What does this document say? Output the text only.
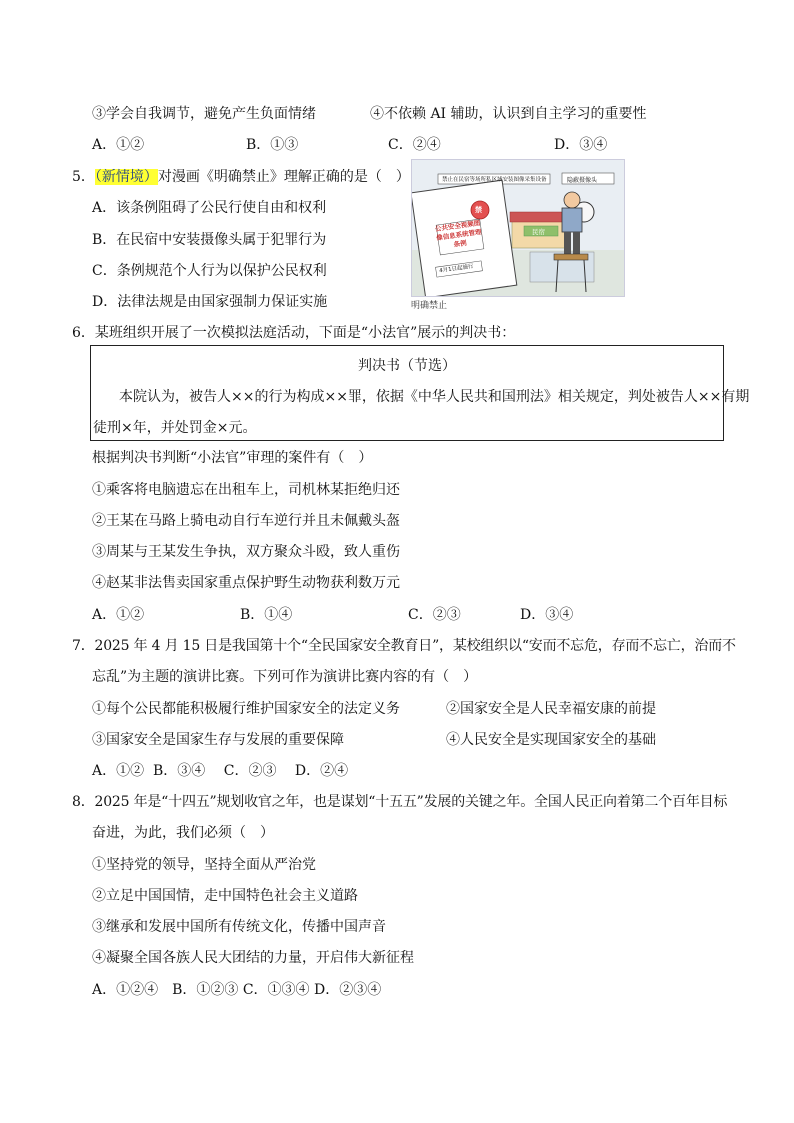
③学会自我调节，避免产生负面情绪	④不依赖 AI 辅助，认识到自主学习的重要性
A．①②	B．①③	C．②④	D．③④
5．（新情境）对漫画《明确禁止》理解正确的是（　）
A．该条例阻碍了公民行使自由和权利
B．在民宿中安装摄像头属于犯罪行为
C．条例规范个人行为以保护公民权利
D．法律法规是由国家强制力保证实施
禁止在民宿等场所私区域安装图像采集设备	隐蔽摄像头
禁
公共安全视频图像信息系统管理条例
4月1日起施行
民宿
明确禁止
6．某班组织开展了一次模拟法庭活动，下面是“小法官”展示的判决书：
判决书（节选）
本院认为，被告人××的行为构成××罪，依据《中华人民共和国刑法》相关规定，判处被告人××有期
徒刑×年，并处罚金×元。
根据判决书判断“小法官”审理的案件有（　）
①乘客将电脑遗忘在出租车上，司机林某拒绝归还
②王某在马路上骑电动自行车逆行并且未佩戴头盔
③周某与王某发生争执，双方聚众斗殴，致人重伤
④赵某非法售卖国家重点保护野生动物获利数万元
A．①②	B．①④	C．②③	D．③④
7．2025 年 4 月 15 日是我国第十个“全民国家安全教育日”，某校组织以“安而不忘危，存而不忘亡，治而不
忘乱”为主题的演讲比赛。下列可作为演讲比赛内容的有（　）
①每个公民都能积极履行维护国家安全的法定义务	②国家安全是人民幸福安康的前提
③国家安全是国家生存与发展的重要保障	④人民安全是实现国家安全的基础
A．①②  B．③④　 C．②③　 D．②④
8．2025 年是“十四五”规划收官之年，也是谋划“十五五”发展的关键之年。全国人民正向着第二个百年目标
奋进，为此，我们必须（　）
①坚持党的领导，坚持全面从严治党
②立足中国国情，走中国特色社会主义道路
③继承和发展中国所有传统文化，传播中国声音
④凝聚全国各族人民大团结的力量，开启伟大新征程
A．①②④　B．①②③ C．①③④ D．②③④
